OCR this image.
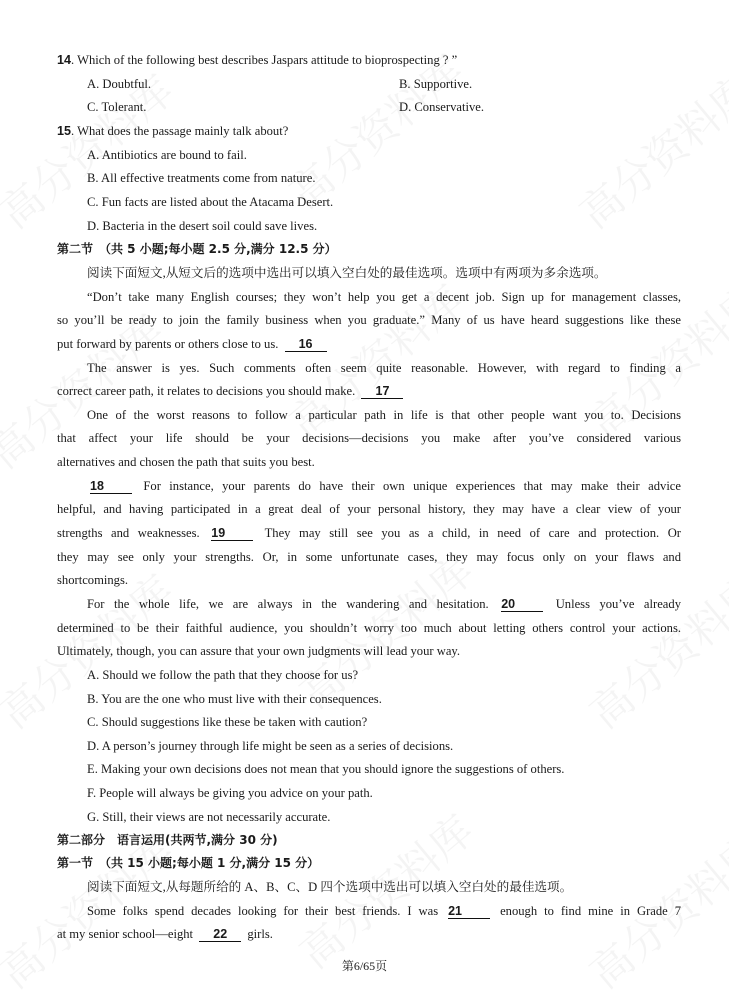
14. Which of the following best describes Jaspars attitude to bioprospecting ? ”
A. Doubtful.	B. Supportive.
C. Tolerant.	D. Conservative.
15. What does the passage mainly talk about?
A. Antibiotics are bound to fail.
B. All effective treatments come from nature.
C. Fun facts are listed about the Atacama Desert.
D. Bacteria in the desert soil could save lives.
第二节　（共 5 小题;每小题 2.5 分,满分 12.5 分）
阅读下面短文,从短文后的选项中选出可以填入空白处的最佳选项。选项中有两项为多余选项。
“Don’t take many English courses; they won’t help you get a decent job. Sign up for management classes,
so you’ll be ready to join the family business when you graduate.” Many of us have heard suggestions like these
put forward by parents or others close to us. 16
The answer is yes. Such comments often seem quite reasonable. However, with regard to finding a
correct career path, it relates to decisions you should make. 17
One of the worst reasons to follow a particular path in life is that other people want you to. Decisions
that affect your life should be your decisions—decisions you make after you’ve considered various
alternatives and chosen the path that suits you best.
18	For instance, your parents do have their own unique experiences that may make their advice
helpful, and having participated in a great deal of your personal history, they may have a clear view of your
strengths and weaknesses. 19	They may still see you as a child, in need of care and protection. Or
they may see only your strengths. Or, in some unfortunate cases, they may focus only on your flaws and
shortcomings.
For the whole life, we are always in the wandering and hesitation. 20	Unless you’ve already
determined to be their faithful audience, you shouldn’t worry too much about letting others control your actions.
Ultimately, though, you can assure that your own judgments will lead your way.
A. Should we follow the path that they choose for us?
B. You are the one who must live with their consequences.
C. Should suggestions like these be taken with caution?
D. A person’s journey through life might be seen as a series of decisions.
E. Making your own decisions does not mean that you should ignore the suggestions of others.
F. People will always be giving you advice on your path.
G. Still, their views are not necessarily accurate.
第二部分　语言运用(共两节,满分 30 分)
第一节　（共 15 小题;每小题 1 分,满分 15 分）
阅读下面短文,从每题所给的 A、B、C、D 四个选项中选出可以填入空白处的最佳选项。
Some folks spend decades looking for their best friends. I was 21	enough to find mine in Grade 7
at my senior school—eight 22 girls.
第6/65页
